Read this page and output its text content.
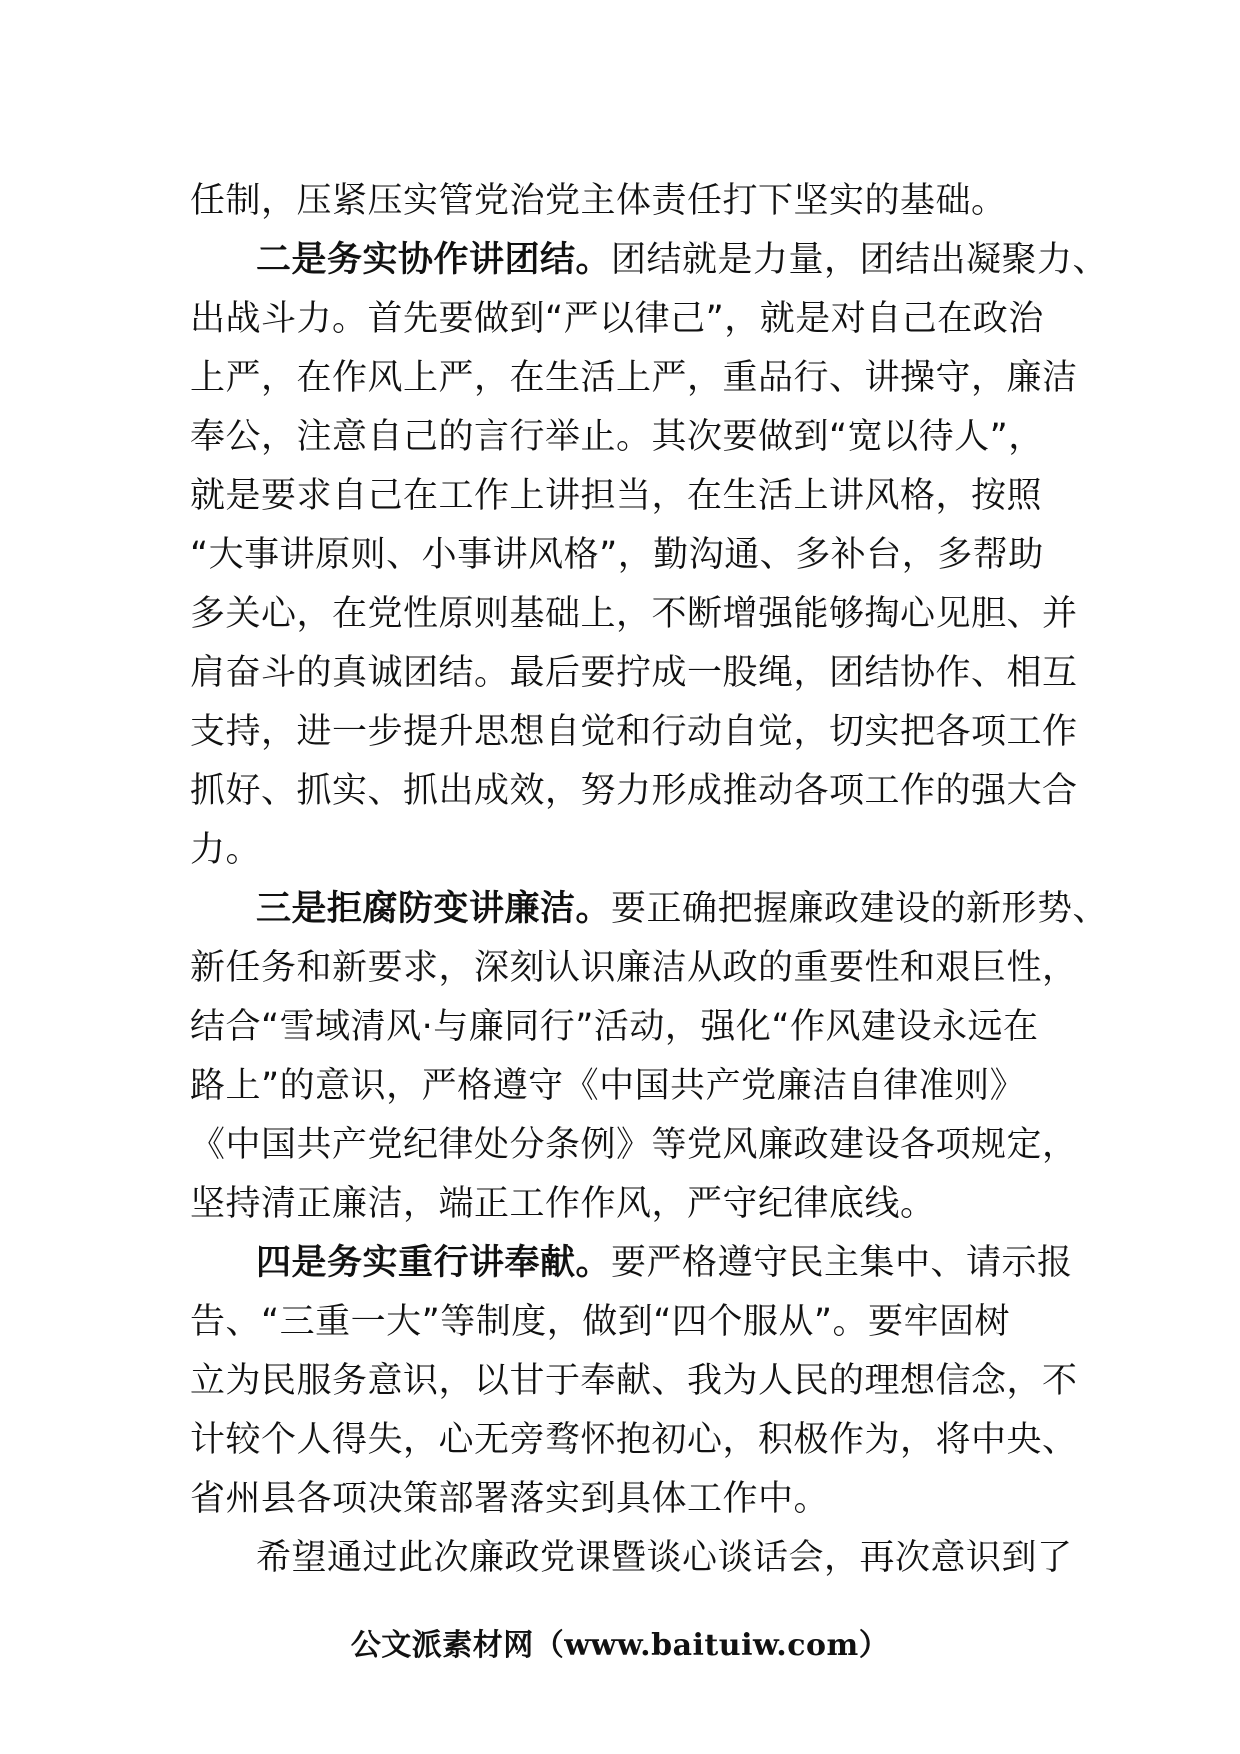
任制，压紧压实管党治党主体责任打下坚实的基础。

二是务实协作讲团结。团结就是力量，团结出凝聚力、

出战斗力。首先要做到“严以律己”，就是对自己在政治

上严，在作风上严，在生活上严，重品行、讲操守，廉洁

奉公，注意自己的言行举止。其次要做到“宽以待人”，

就是要求自己在工作上讲担当，在生活上讲风格，按照

“大事讲原则、小事讲风格”，勤沟通、多补台，多帮助

多关心，在党性原则基础上，不断增强能够掏心见胆、并

肩奋斗的真诚团结。最后要拧成一股绳，团结协作、相互

支持，进一步提升思想自觉和行动自觉，切实把各项工作

抓好、抓实、抓出成效，努力形成推动各项工作的强大合

力。

三是拒腐防变讲廉洁。要正确把握廉政建设的新形势、

新任务和新要求，深刻认识廉洁从政的重要性和艰巨性，

结合“雪域清风·与廉同行”活动，强化“作风建设永远在

路上”的意识，严格遵守《中国共产党廉洁自律准则》

《中国共产党纪律处分条例》等党风廉政建设各项规定，

坚持清正廉洁，端正工作作风，严守纪律底线。

四是务实重行讲奉献。要严格遵守民主集中、请示报

告、“三重一大”等制度，做到“四个服从”。要牢固树

立为民服务意识，以甘于奉献、我为人民的理想信念，不

计较个人得失，心无旁骛怀抱初心，积极作为，将中央、

省州县各项决策部署落实到具体工作中。

希望通过此次廉政党课暨谈心谈话会，再次意识到了

公文派素材网（www.baituiw.com）
